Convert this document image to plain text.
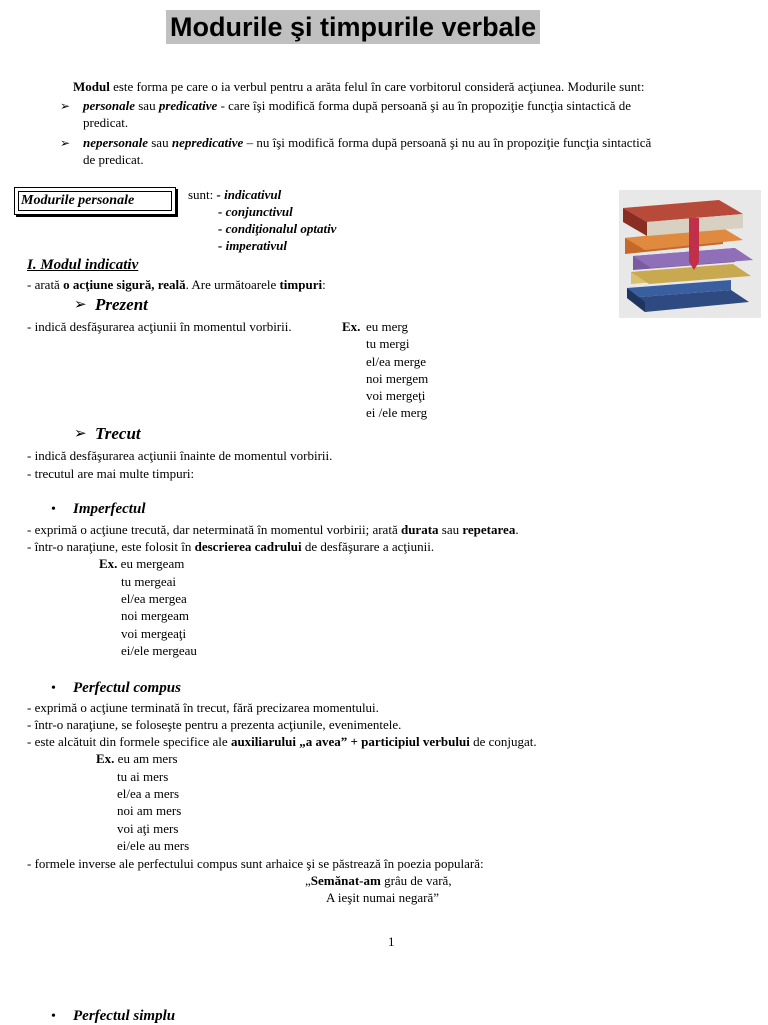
Modurile şi timpurile verbale
Modul este forma pe care o ia verbul pentru a arăta felul în care vorbitorul consideră acţiunea. Modurile sunt:
➢ personale sau predicative - care îşi modifică forma după persoană şi au în propoziţie funcţia sintactică de
predicat.
➢ nepersonale sau nepredicative – nu îşi modifică forma după persoană şi nu au în propoziţie funcţia sintactică
de predicat.
Modurile personale	sunt: - indicativul
- conjunctivul
- condiţionalul optativ
- imperativul
I. Modul indicativ
- arată o acţiune sigură, reală. Are următoarele timpuri:
➢ Prezent
- indică desfăşurarea acţiunii în momentul vorbirii.	Ex. eu merg
tu mergi
el/ea merge
noi mergem
voi mergeţi
ei /ele merg
➢ Trecut
- indică desfăşurarea acţiunii înainte de momentul vorbirii.
- trecutul are mai multe timpuri:
• Imperfectul
- exprimă o acţiune trecută, dar neterminată în momentul vorbirii; arată durata sau repetarea.
- într-o naraţiune, este folosit în descrierea cadrului de desfăşurare a acţiunii.
Ex. eu mergeam
tu mergeai
el/ea mergea
noi mergeam
voi mergeaţi
ei/ele mergeau
• Perfectul compus
- exprimă o acţiune terminată în trecut, fără precizarea momentului.
- într-o naraţiune, se foloseşte pentru a prezenta acţiunile, evenimentele.
- este alcătuit din formele specifice ale auxiliarului „a avea” + participiul verbului de conjugat.
Ex. eu am mers
tu ai mers
el/ea a mers
noi am mers
voi aţi mers
ei/ele au mers
- formele inverse ale perfectului compus sunt arhaice şi se păstrează în poezia populară:
„Semănat-am grâu de vară,
A ieşit numai negară”
1
• Perfectul simplu
